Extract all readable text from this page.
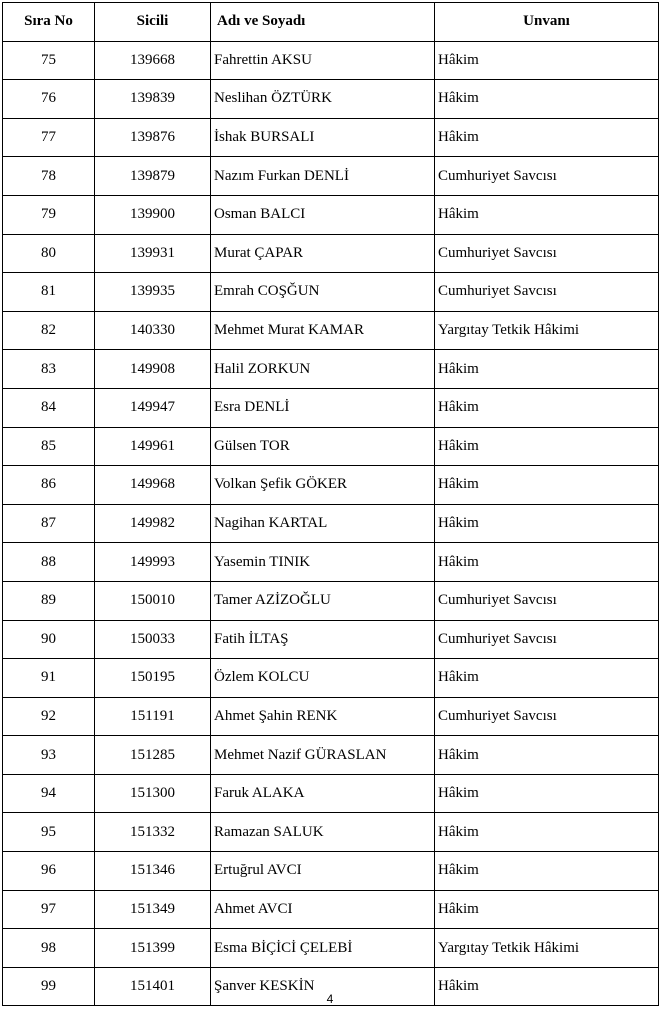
Sıra No	Sicili	Adı ve Soyadı	Unvanı
75	139668	Fahrettin AKSU	Hâkim
76	139839	Neslihan ÖZTÜRK	Hâkim
77	139876	İshak BURSALI	Hâkim
78	139879	Nazım Furkan DENLİ	Cumhuriyet Savcısı
79	139900	Osman BALCI	Hâkim
80	139931	Murat ÇAPAR	Cumhuriyet Savcısı
81	139935	Emrah COŞĞUN	Cumhuriyet Savcısı
82	140330	Mehmet Murat KAMAR	Yargıtay Tetkik Hâkimi
83	149908	Halil ZORKUN	Hâkim
84	149947	Esra DENLİ	Hâkim
85	149961	Gülsen TOR	Hâkim
86	149968	Volkan Şefik GÖKER	Hâkim
87	149982	Nagihan KARTAL	Hâkim
88	149993	Yasemin TINIK	Hâkim
89	150010	Tamer AZİZOĞLU	Cumhuriyet Savcısı
90	150033	Fatih İLTAŞ	Cumhuriyet Savcısı
91	150195	Özlem KOLCU	Hâkim
92	151191	Ahmet Şahin RENK	Cumhuriyet Savcısı
93	151285	Mehmet Nazif GÜRASLAN	Hâkim
94	151300	Faruk ALAKA	Hâkim
95	151332	Ramazan SALUK	Hâkim
96	151346	Ertuğrul AVCI	Hâkim
97	151349	Ahmet AVCI	Hâkim
98	151399	Esma BİÇİCİ ÇELEBİ	Yargıtay Tetkik Hâkimi
99	151401	Şanver KESKİN	Hâkim
4
